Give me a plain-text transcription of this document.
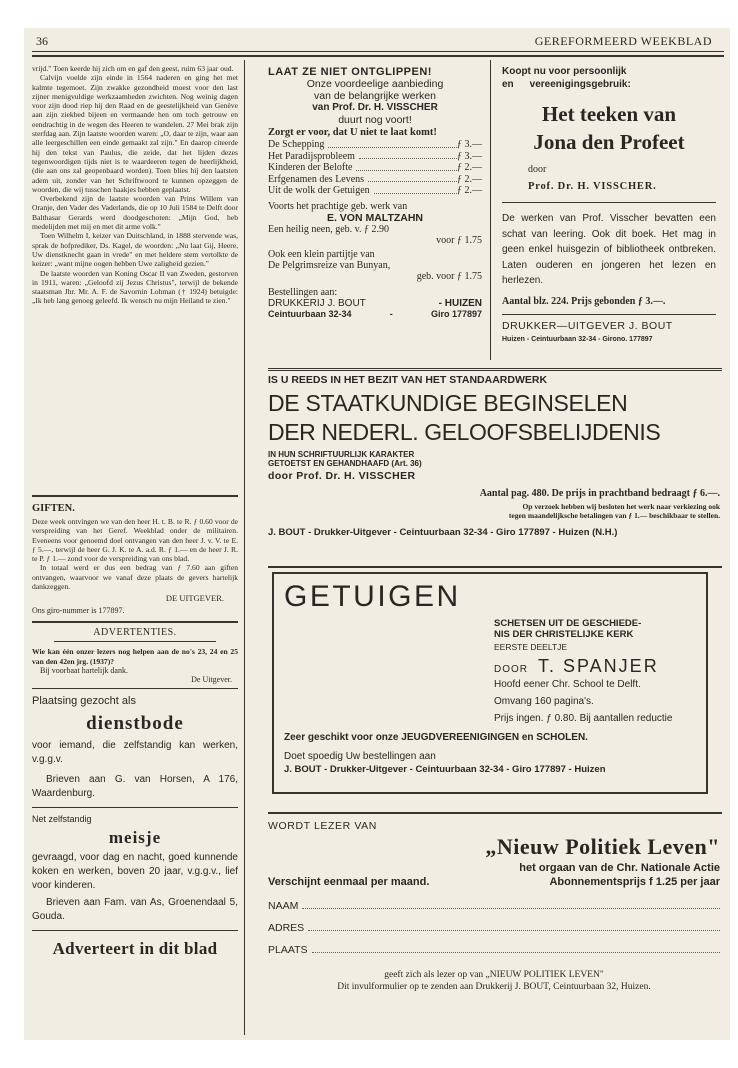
36	GEREFORMEERD WEEKBLAD

vrijd." Toen keerde hij zich om en gaf den geest, ruim 63 jaar oud.

Calvijn voelde zijn einde in 1564 naderen en ging het met kalmte tegemoet. Zijn zwakke gezondheid moest voor den last zijner menigvuldige werkzaamheden zwichten. Nog weinig dagen voor zijn dood riep hij den Raad en de geestelijkheid van Genève aan zijn ziekbed bijeen en vermaande hen om toch getrouw en eendrachtig in de wegen des Heeren te wandelen. 27 Mei brak zijn sterfdag aan. Zijn laatste woorden waren: „O, daar te zijn, waar aan alle leergeschillen een einde gemaakt zal zijn." En daarop citeerde hij den tekst van Paulus, die zeide, dat het lijden dezes tegenwoordigen tijds niet is te waardeeren tegen de heerlijkheid, (die aan ons zal geopenbaard worden). Toen blies hij den laatsten adem uit, zonder van het Schriftwoord te kunnen opzeggen de woorden, die wij tusschen haakjes hebben geplaatst.

Overbekend zijn de laatste woorden van Prins Willem van Oranje, den Vader des Vaderlands, die op 10 Juli 1584 te Delft door Balthasar Gerards werd doodgeschoten: „Mijn God, heb medelijden met mij en met dit arme volk."

Toen Wilhelm I, keizer van Duitschland, in 1888 stervende was, sprak de hofprediker, Ds. Kagel, de woorden: „Nu laat Gij, Heere, Uw dienstknecht gaan in vrede" en met heldere stem vertolkte de keizer: „want mijne oogen hebben Uwe zaligheid gezien."

De laatste woorden van Koning Oscar II van Zweden, gestorven in 1911, waren: „Geloofd zij Jezus Christus", terwijl de bekende staatsman Jhr. Mr. A. F. de Savornin Lohman († 1924) betuigde: „Ik heb lang genoeg geleefd. Ik wensch nu mijn Heiland te zien."

GIFTEN.

Deze week ontvingen we van den heer H. t. B. te R. ƒ 0.60 voor de verspreiding van het Geref. Weekblad onder de militairen. Eveneens voor genoemd doel ontvangen van den heer J. v. V. te E. ƒ 5.—, terwijl de heer G. J. K. te A. a.d. R. ƒ 1.— en de heer J. R. te P. ƒ 1.— zond voor de verspreiding van ons blad.

In totaal werd er dus een bedrag van ƒ 7.60 aan giften ontvangen, waarvoor we vanaf deze plaats de gevers hartelijk dankzeggen.

DE UITGEVER.
Ons giro-nummer is 177897.
ADVERTENTIES.

Wie kan één onzer lezers nog helpen aan de no's 23, 24 en 25 van den 42en jrg. (1937)?

Bij voorbaat hartelijk dank.
De Uitgever.
Plaatsing gezocht als
dienstbode
voor iemand, die zelfstandig kan werken, v.g.g.v.
Brieven aan G. van Horsen, A 176, Waardenburg.
Net zelfstandig
meisje
gevraagd, voor dag en nacht, goed kunnende koken en werken, boven 20 jaar, v.g.g.v., lief voor kinderen.
Brieven aan Fam. van As, Groenendaal 5, Gouda.
Adverteert in dit blad
LAAT ZE NIET ONTGLIPPEN!
Onze voordeelige aanbieding
van de belangrijke werken
van Prof. Dr. H. VISSCHER
duurt nog voort!
Zorgt er voor, dat U niet te laat komt!
De Schepping	ƒ 3.—
Het Paradijsprobleem	ƒ 3.—
Kinderen der Belofte	ƒ 2.—
Erfgenamen des Levens	ƒ 2.—
Uit de wolk der Getuigen	ƒ 2.—
Voorts het prachtige geb. werk van
E. VON MALTZAHN
Een heilig neen, geb. v. ƒ 2.90
voor ƒ 1.75
Ook een klein partijtje van
De Pelgrimsreize van Bunyan,
geb. voor ƒ 1.75
Bestellingen aan:
DRUKKERIJ J. BOUT	- HUIZEN
Ceintuurbaan 32-34	-	Giro 177897
Koopt nu voor persoonlijk
en vereenigingsgebruik:
Het teeken van
Jona den Profeet
door
Prof. Dr. H. VISSCHER.
De werken van Prof. Visscher bevatten een schat van leering. Ook dit boek. Het mag in geen enkel huisgezin of bibliotheek ontbreken. Laten ouderen en jongeren het lezen en herlezen.
Aantal blz. 224. Prijs gebonden ƒ 3.—.
DRUKKER—UITGEVER J. BOUT
Huizen - Ceintuurbaan 32-34 - Girono. 177897
IS U REEDS IN HET BEZIT VAN HET STANDAARDWERK
DE STAATKUNDIGE BEGINSELEN
DER NEDERL. GELOOFSBELIJDENIS
IN HUN SCHRIFTUURLIJK KARAKTER
GETOETST EN GEHANDHAAFD (Art. 36)
door Prof. Dr. H. VISSCHER
Aantal pag. 480. De prijs in prachtband bedraagt ƒ 6.—.
Op verzoek hebben wij besloten het werk naar verkiezing ook
tegen maandelijksche betalingen van ƒ 1.— beschikbaar te stellen.
J. BOUT - Drukker-Uitgever - Ceintuurbaan 32-34 - Giro 177897 - Huizen (N.H.)
GETUIGEN
SCHETSEN UIT DE GESCHIEDE-
NIS DER CHRISTELIJKE KERK
EERSTE DEELTJE
DOOR T. SPANJER
Hoofd eener Chr. School te Delft.
Omvang 160 pagina's.
Prijs ingen. ƒ 0.80. Bij aantallen reductie
Zeer geschikt voor onze JEUGDVEREENIGINGEN en SCHOLEN.
Doet spoedig Uw bestellingen aan
J. BOUT - Drukker-Uitgever - Ceintuurbaan 32-34 - Giro 177897 - Huizen
WORDT LEZER VAN
„Nieuw Politiek Leven"
het orgaan van de Chr. Nationale Actie
Verschijnt eenmaal per maand.	Abonnementsprijs f 1.25 per jaar
NAAM
ADRES
PLAATS
geeft zich als lezer op van „NIEUW POLITIEK LEVEN"
Dit invulformulier op te zenden aan Drukkerij J. BOUT, Ceintuurbaan 32, Huizen.
